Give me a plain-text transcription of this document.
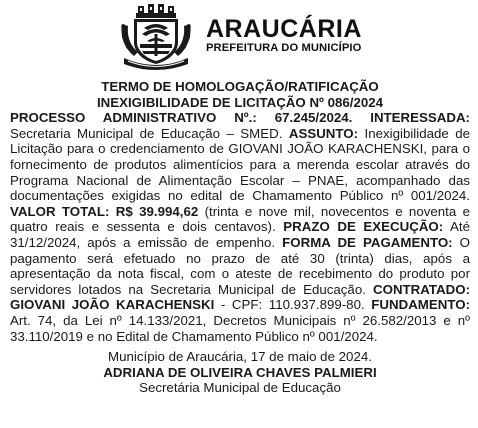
ARAUCÁRIA
PREFEITURA DO MUNICÍPIO

TERMO DE HOMOLOGAÇÃO/RATIFICAÇÃO

INEXIGIBILIDADE DE LICITAÇÃO Nº 086/2024

PROCESSO ADMINISTRATIVO Nº.: 67.245/2024. INTERESSADA: Secretaria Municipal de Educação – SMED. ASSUNTO: Inexigibilidade de Licitação para o credenciamento de GIOVANI JOÃO KARACHENSKI, para o fornecimento de produtos alimentícios para a merenda escolar através do Programa Nacional de Alimentação Escolar – PNAE, acompanhado das documentações exigidas no edital de Chamamento Público nº 001/2024. VALOR TOTAL: R$ 39.994,62 (trinta e nove mil, novecentos e noventa e quatro reais e sessenta e dois centavos). PRAZO DE EXECUÇÃO: Até 31/12/2024, após a emissão de empenho. FORMA DE PAGAMENTO: O pagamento será efetuado no prazo de até 30 (trinta) dias, após a apresentação da nota fiscal, com o ateste de recebimento do produto por servidores lotados na Secretaria Municipal de Educação. CONTRATADO: GIOVANI JOÃO KARACHENSKI - CPF: 110.937.899-80. FUNDAMENTO: Art. 74, da Lei nº 14.133/2021, Decretos Municipais nº 26.582/2013 e nº 33.110/2019 e no Edital de Chamamento Público nº 001/2024.

Município de Araucária, 17 de maio de 2024.
ADRIANA DE OLIVEIRA CHAVES PALMIERI
Secretária Municipal de Educação
